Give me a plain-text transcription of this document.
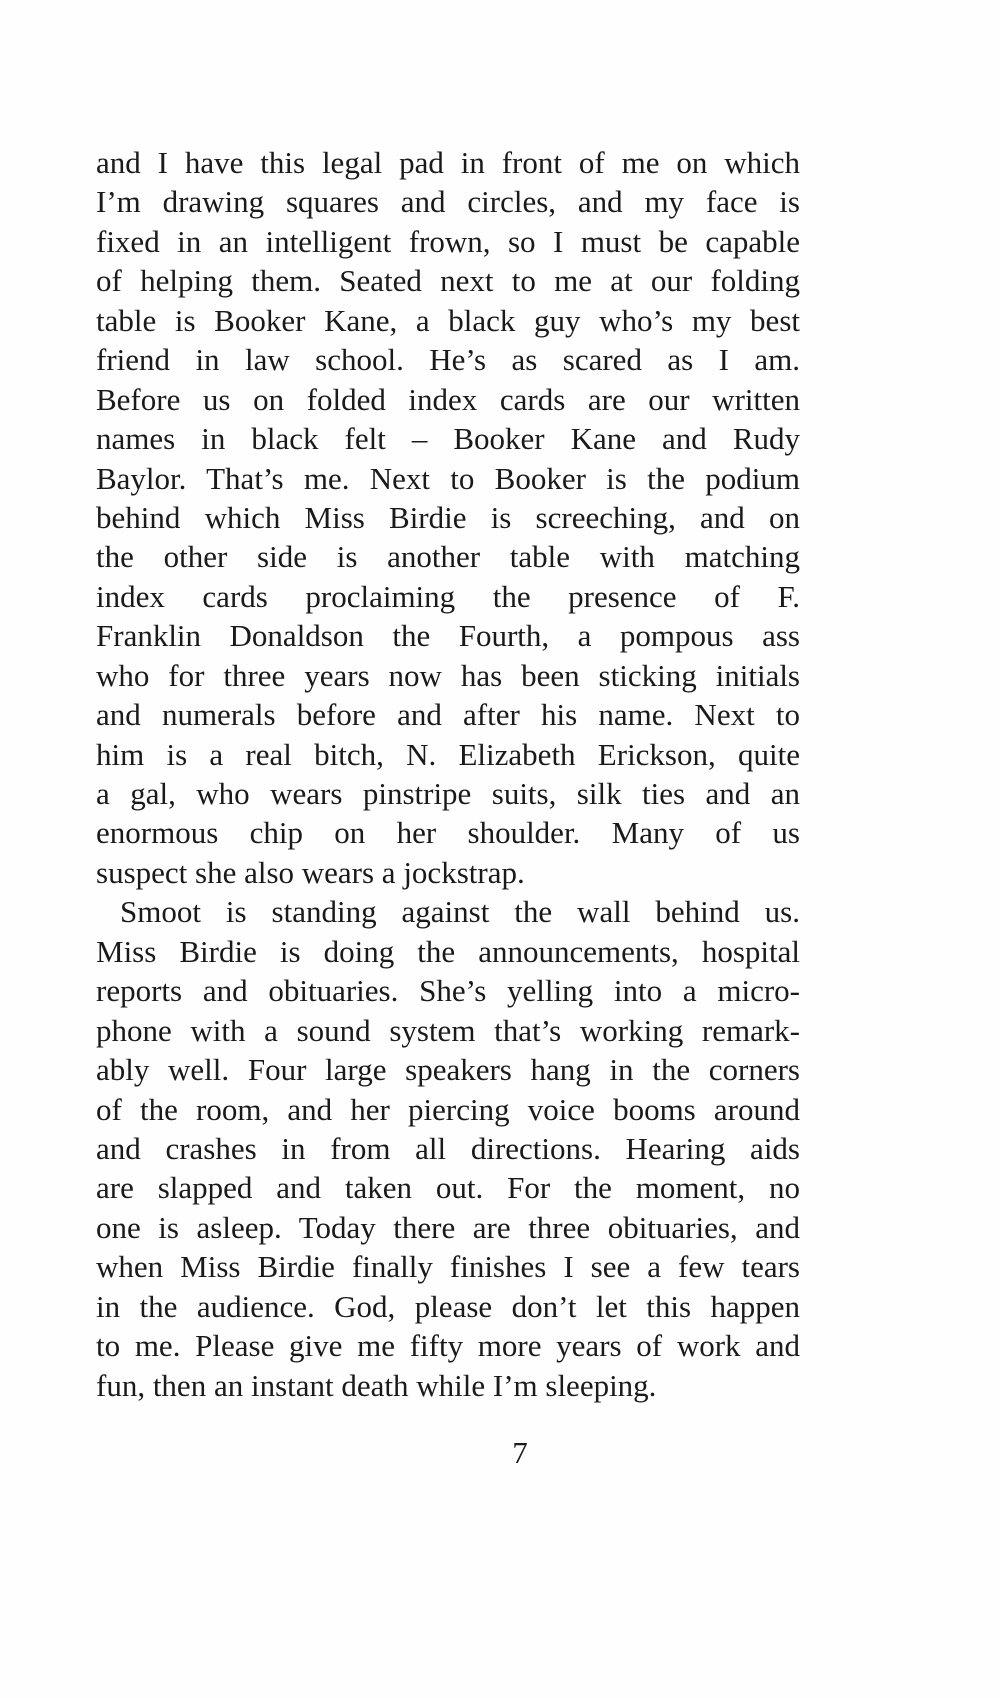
and I have this legal pad in front of me on which
I’m drawing squares and circles, and my face is
fixed in an intelligent frown, so I must be capable
of helping them. Seated next to me at our folding
table is Booker Kane, a black guy who’s my best
friend in law school. He’s as scared as I am.
Before us on folded index cards are our written
names in black felt – Booker Kane and Rudy
Baylor. That’s me. Next to Booker is the podium
behind which Miss Birdie is screeching, and on
the other side is another table with matching
index cards proclaiming the presence of F.
Franklin Donaldson the Fourth, a pompous ass
who for three years now has been sticking initials
and numerals before and after his name. Next to
him is a real bitch, N. Elizabeth Erickson, quite
a gal, who wears pinstripe suits, silk ties and an
enormous chip on her shoulder. Many of us
suspect she also wears a jockstrap.
Smoot is standing against the wall behind us.
Miss Birdie is doing the announcements, hospital
reports and obituaries. She’s yelling into a micro-
phone with a sound system that’s working remark-
ably well. Four large speakers hang in the corners
of the room, and her piercing voice booms around
and crashes in from all directions. Hearing aids
are slapped and taken out. For the moment, no
one is asleep. Today there are three obituaries, and
when Miss Birdie finally finishes I see a few tears
in the audience. God, please don’t let this happen
to me. Please give me fifty more years of work and
fun, then an instant death while I’m sleeping.
7
